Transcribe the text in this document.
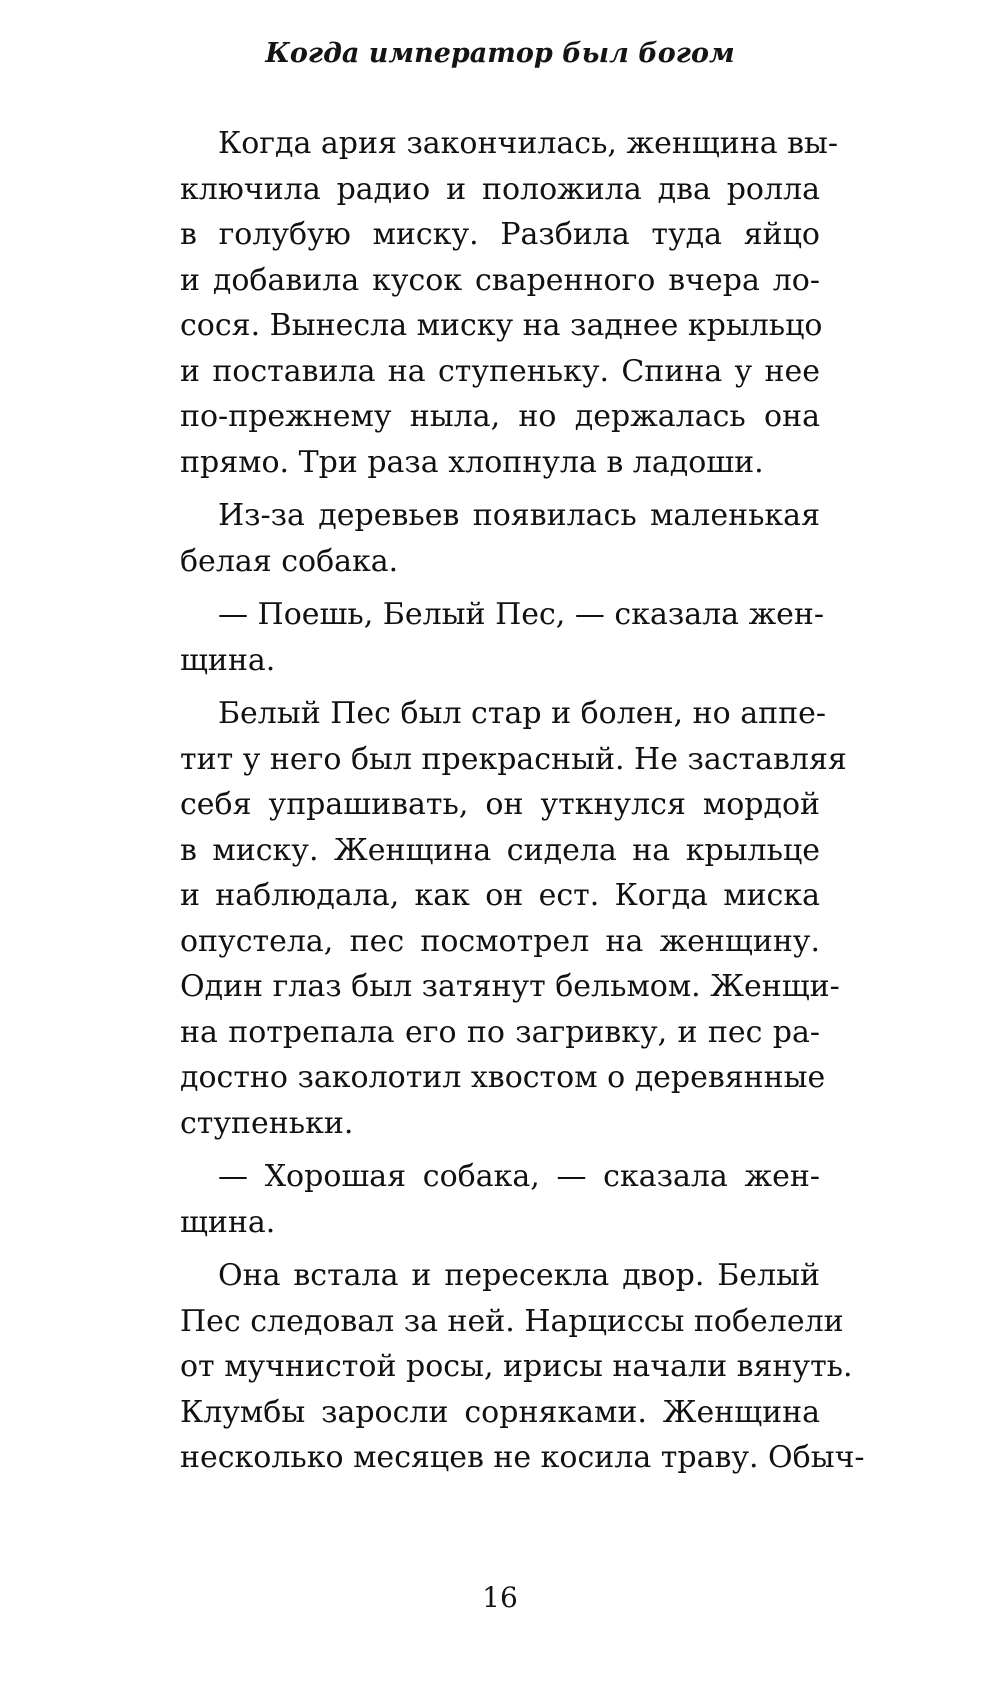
Когда император был богом
Когда ария закончилась, женщина вы-
ключила радио и положила два ролла
в голубую миску. Разбила туда яйцо
и добавила кусок сваренного вчера ло-
сося. Вынесла миску на заднее крыльцо
и поставила на ступеньку. Спина у нее
по-прежнему ныла, но держалась она
прямо. Три раза хлопнула в ладоши.
Из-за деревьев появилась маленькая
белая собака.
— Поешь, Белый Пес, — сказала жен-
щина.
Белый Пес был стар и болен, но аппе-
тит у него был прекрасный. Не заставляя
себя упрашивать, он уткнулся мордой
в миску. Женщина сидела на крыльце
и наблюдала, как он ест. Когда миска
опустела, пес посмотрел на женщину.
Один глаз был затянут бельмом. Женщи-
на потрепала его по загривку, и пес ра-
достно заколотил хвостом о деревянные
ступеньки.
— Хорошая собака, — сказала жен-
щина.
Она встала и пересекла двор. Белый
Пес следовал за ней. Нарциссы побелели
от мучнистой росы, ирисы начали вянуть.
Клумбы заросли сорняками. Женщина
несколько месяцев не косила траву. Обыч-
16
